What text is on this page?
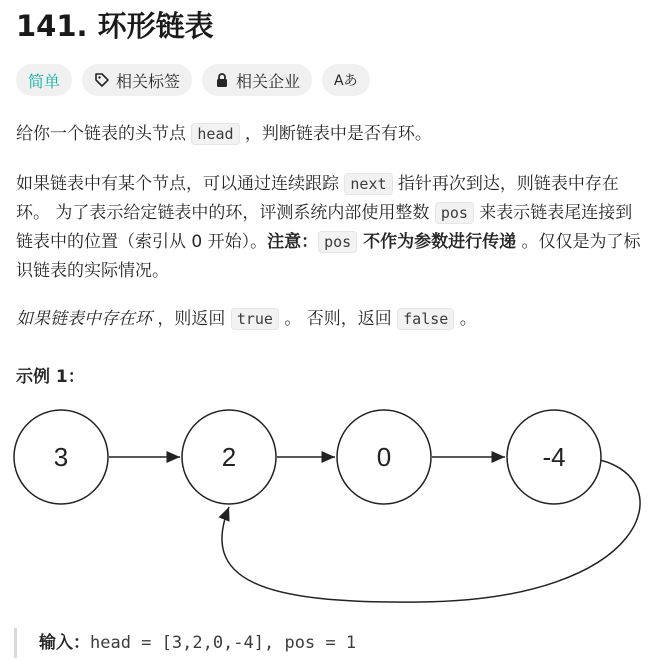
141. 环形链表
简单	相关标签	相关企业 Aあ

给你一个链表的头节点 head ，判断链表中是否有环。

如果链表中有某个节点，可以通过连续跟踪 next 指针再次到达，则链表中存在环。 为了表示给定链表中的环，评测系统内部使用整数 pos 来表示链表尾连接到链表中的位置（索引从 0 开始）。注意： pos 不作为参数进行传递 。仅仅是为了标识链表的实际情况。

如果链表中存在环 ，则返回 true 。 否则，返回 false 。

示例 1：

3	2	0	-4
输入：head = [3,2,0,-4], pos = 1
